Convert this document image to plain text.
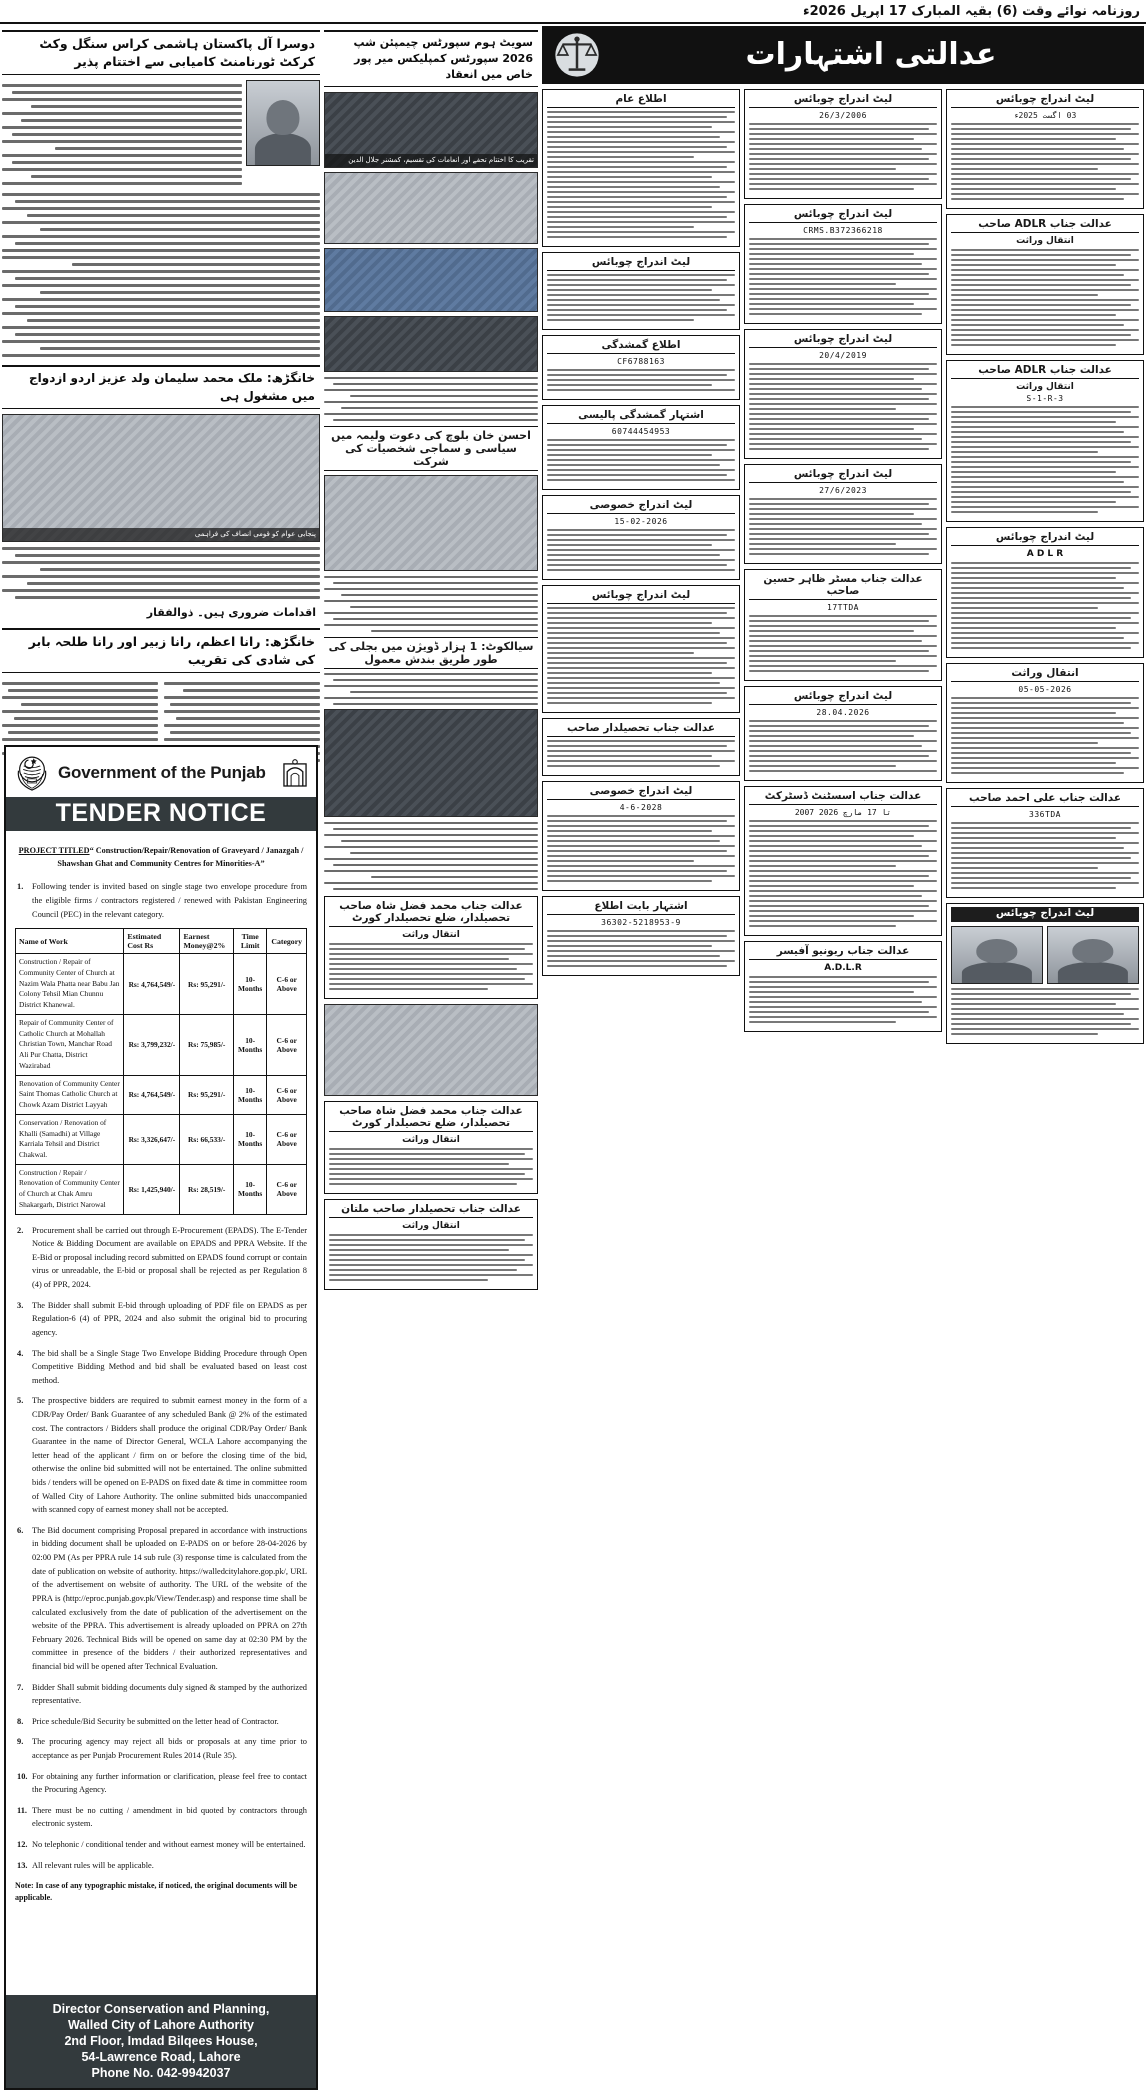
روزنامہ نوائے وقت (6) بقیہ المبارک 17 اپریل 2026ء
دوسرا آل پاکستان ہاشمی کراس سنگل وکٹ کرکٹ ٹورنامنٹ کامیابی سے اختتام پذیر
خانگڑھ: ملک محمد سلیمان ولد عزیز اردو ازدواج میں مشغول ہی
پنجابی عوام کو قومی انصاف کی فراہمی
اقدامات ضروری ہیں۔ ذوالفقار
خانگڑھ: رانا اعظم، رانا زبیر اور رانا طلحہ بابر کی شادی کی تقریب
Government of the Punjab
TENDER NOTICE
PROJECT TITLED“ Construction/Repair/Renovation of Graveyard / Janazgah / Shawshan Ghat and Community Centres for Minorities-A”
1. Following tender is invited based on single stage two envelope procedure from the eligible firms / contractors registered / renewed with Pakistan Engineering Council (PEC) in the relevant category.
Name of Work	Estimated Cost Rs	Earnest Money@2%	Time Limit	Category
Construction / Repair of Community Center of Church at Nazim Wala Phatta near Babu Jan Colony Tehsil Mian Chunnu District Khanewal.	Rs: 4,764,549/-	Rs: 95,291/-	10-Months	C-6 or Above
Repair of Community Center of Catholic Church at Mohallah Christian Town, Manchar Road Ali Pur Chatta, District Wazirabad	Rs: 3,799,232/-	Rs: 75,985/-	10-Months	C-6 or Above
Renovation of Community Center Saint Thomas Catholic Church at Chowk Azam District Layyah	Rs: 4,764,549/-	Rs: 95,291/-	10-Months	C-6 or Above
Conservation / Renovation of Khalli (Samadhi) at Village Karriala Tehsil and District Chakwal.	Rs: 3,326,647/-	Rs: 66,533/-	10-Months	C-6 or Above
Construction / Repair / Renovation of Community Center of Church at Chak Amru Shakargarh, District Narowal	Rs: 1,425,940/-	Rs: 28,519/-	10-Months	C-6 or Above
2. Procurement shall be carried out through E-Procurement (EPADS). The E-Tender Notice & Bidding Document are available on EPADS and PPRA Website. If the E-Bid or proposal including record submitted on EPADS found corrupt or contain virus or unreadable, the E-bid or proposal shall be rejected as per Regulation 8 (4) of PPR, 2024.
3. The Bidder shall submit E-bid through uploading of PDF file on EPADS as per Regulation-6 (4) of PPR, 2024 and also submit the original bid to procuring agency.
4. The bid shall be a Single Stage Two Envelope Bidding Procedure through Open Competitive Bidding Method and bid shall be evaluated based on least cost method.
5. The prospective bidders are required to submit earnest money in the form of a CDR/Pay Order/ Bank Guarantee of any scheduled Bank @ 2% of the estimated cost. The contractors / Bidders shall produce the original CDR/Pay Order/ Bank Guarantee in the name of Director General, WCLA Lahore accompanying the letter head of the applicant / firm on or before the closing time of the bid, otherwise the online bid submitted will not be entertained. The online submitted bids / tenders will be opened on E-PADS on fixed date & time in committee room of Walled City of Lahore Authority. The online submitted bids unaccompanied with scanned copy of earnest money shall not be accepted.
6. The Bid document comprising Proposal prepared in accordance with instructions in bidding document shall be uploaded on E-PADS on or before 28-04-2026 by 02:00 PM (As per PPRA rule 14 sub rule (3) response time is calculated from the date of publication on website of authority. https://walledcitylahore.gop.pk/, URL of the advertisement on website of authority. The URL of the website of the PPRA is (http://eproc.punjab.gov.pk/View/Tender.asp) and response time shall be calculated exclusively from the date of publication of the advertisement on the website of the PPRA. This advertisement is already uploaded on PPRA on 27th February 2026. Technical Bids will be opened on same day at 02:30 PM by the committee in presence of the bidders / their authorized representatives and financial bid will be opened after Technical Evaluation.
7. Bidder Shall submit bidding documents duly signed & stamped by the authorized representative.
8. Price schedule/Bid Security be submitted on the letter head of Contractor.
9. The procuring agency may reject all bids or proposals at any time prior to acceptance as per Punjab Procurement Rules 2014 (Rule 35).
10. For obtaining any further information or clarification, please feel free to contact the Procuring Agency.
11. There must be no cutting / amendment in bid quoted by contractors through electronic system.
12. No telephonic / conditional tender and without earnest money will be entertained.
13. All relevant rules will be applicable.
Note: In case of any typographic mistake, if noticed, the original documents will be applicable.
Director Conservation and Planning,
Walled City of Lahore Authority
2nd Floor, Imdad Bilqees House,
54-Lawrence Road, Lahore
Phone No. 042-9942037
سویٹ ہوم سپورٹس چیمپئن شپ 2026 سپورٹس کمپلیکس میر پور خاص میں انعقاد
تقریب کا اختتام تحفے اور انعامات کی تقسیم، کمشنر جلال الدین
احسن خان بلوچ کی دعوت ولیمہ میں سیاسی و سماجی شخصیات کی شرکت
سیالکوٹ: 1 ہزار ڈویژن میں بجلی کی طور طریق بندش معمول
عدالت جناب محمد فضل شاہ صاحب تحصیلدار، ضلع تحصیلدار کورٹ
انتقال وراثت
عدالت جناب محمد فضل شاہ صاحب تحصیلدار، ضلع تحصیلدار کورٹ
انتقال وراثت
عدالت جناب تحصیلدار صاحب ملتان
انتقال وراثت
عدالتی اشتہارات
اطلاع عام
لیٹ اندراج چوبائس
اطلاع گمشدگی
CF6788163
اشتہار گمشدگی پالیسی
60744454953
لیٹ اندراج خصوصی
15-02-2026
لیٹ اندراج چوبائس
عدالت جناب تحصیلدار صاحب
لیٹ اندراج خصوصی
4-6-2028
اشتہار بابت اطلاع
36302-5218953-9
لیٹ اندراج چوبائس
26/3/2006
لیٹ اندراج چوبائس
CRMS.B372366218
لیٹ اندراج چوبائس
20/4/2019
لیٹ اندراج چوبائس
27/6/2023
عدالت جناب مسٹر ظاہر حسین صاحب
17TTDA
لیٹ اندراج چوبائس
28.04.2026
عدالت جناب اسسٹنٹ ڈسٹرکٹ
2007 تا 17 مارچ 2026
عدالت جناب ریونیو آفیسر
A.D.L.R
لیٹ اندراج چوبائس
03 اگست 2025ء
عدالت جناب ADLR صاحب
انتقال وراثت
عدالت جناب ADLR صاحب
انتقال وراثت
S-1-R-3
لیٹ اندراج چوبائس
A D L R
انتقال وراثت
05-05-2026
عدالت جناب علی احمد صاحب
336TDA
لیٹ اندراج چوبائس
